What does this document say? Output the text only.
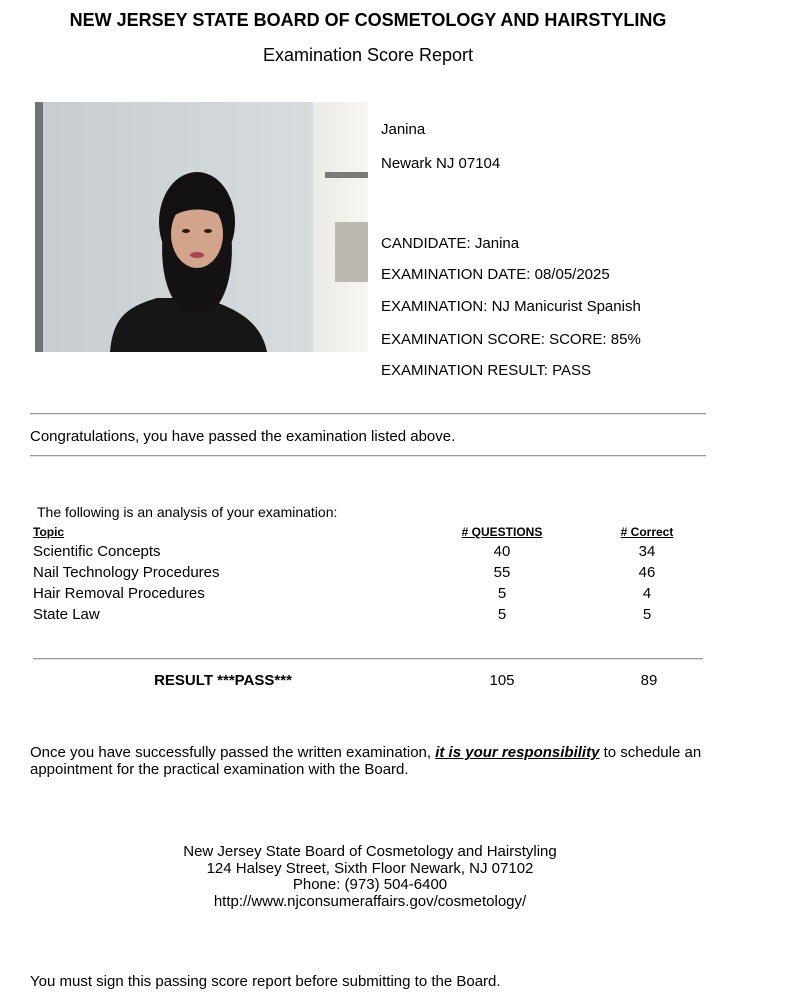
NEW JERSEY STATE BOARD OF COSMETOLOGY AND HAIRSTYLING
Examination Score Report
Janina
Newark NJ 07104
CANDIDATE: Janina
EXAMINATION DATE: 08/05/2025
EXAMINATION: NJ Manicurist Spanish
EXAMINATION SCORE: SCORE: 85%
EXAMINATION RESULT: PASS
Congratulations, you have passed the examination listed above.
The following is an analysis of your examination:
Topic	# QUESTIONS	# Correct
Scientific Concepts	40	34
Nail Technology Procedures	55	46
Hair Removal Procedures	5	4
State Law	5	5
RESULT ***PASS***	105	89
Once you have successfully passed the written examination, it is your responsibility to schedule an appointment for the practical examination with the Board.
New Jersey State Board of Cosmetology and Hairstyling
124 Halsey Street, Sixth Floor Newark, NJ 07102
Phone: (973) 504-6400
http://www.njconsumeraffairs.gov/cosmetology/
You must sign this passing score report before submitting to the Board.
